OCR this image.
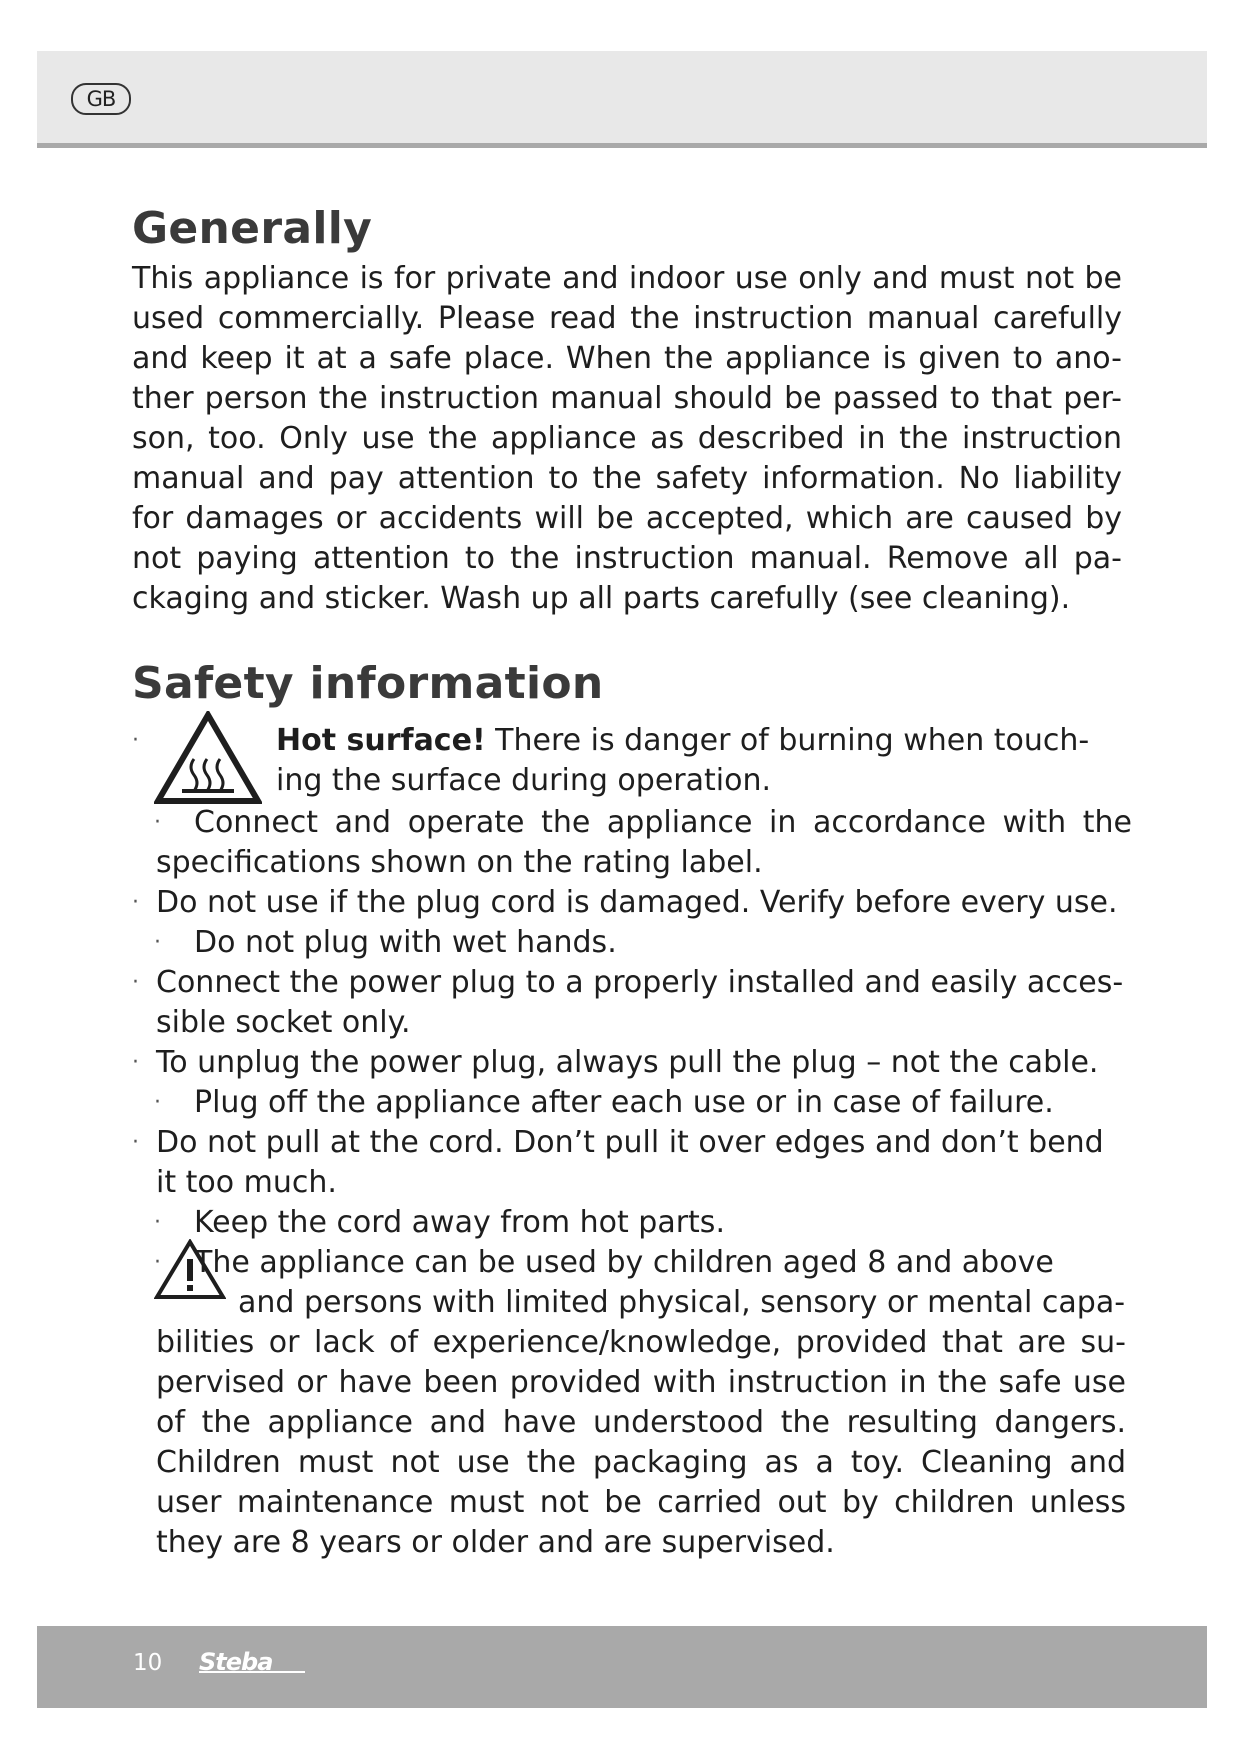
GB
Generally

This appliance is for private and indoor use only and must not be used commercially. Please read the instruction manual carefully and keep it at a safe place. When the appliance is given to ano-ther person the instruction manual should be passed to that per-son, too. Only use the appliance as described in the instruction manual and pay attention to the safety information. No liability for damages or accidents will be accepted, which are caused by not paying attention to the instruction manual. Remove all pa-ckaging and sticker. Wash up all parts carefully (see cleaning).

Safety information
·	Hot surface! There is danger of burning when touch-ing the surface during operation.
·	Connect and operate the appliance in accordance with the specifications shown on the rating label.
· Do not use if the plug cord is damaged. Verify before every use.
·	Do not plug with wet hands.
· Connect the power plug to a properly installed and easily acces-sible socket only.
· To unplug the power plug, always pull the plug – not the cable.
·	Plug off the appliance after each use or in case of failure.
· Do not pull at the cord. Don’t pull it over edges and don’t bend it too much.
·	Keep the cord away from hot parts.
·	The appliance can be used by children aged 8 and above
and persons with limited physical, sensory or mental capa-
bilities or lack of experience/knowledge, provided that are su-pervised or have been provided with instruction in the safe use of the appliance and have understood the resulting dangers. Children must not use the packaging as a toy. Cleaning and user maintenance must not be carried out by children unless they are 8 years or older and are supervised.
10 Steba
